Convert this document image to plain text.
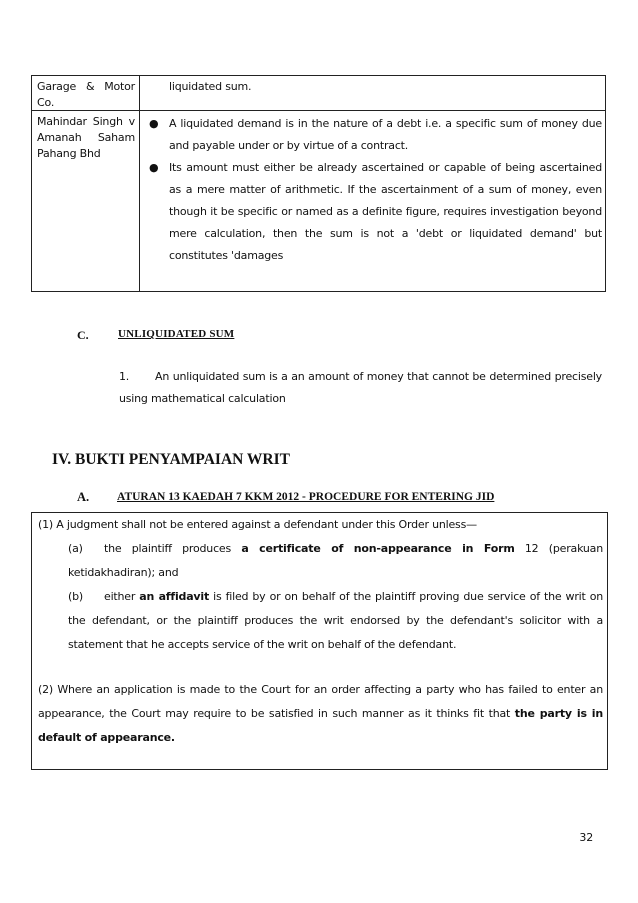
Garage & Motor Co.
liquidated sum.
Mahindar Singh v Amanah Saham Pahang Bhd
● A liquidated demand is in the nature of a debt i.e. a specific sum of money due and payable under or by virtue of a contract.
● Its amount must either be already ascertained or capable of being ascertained as a mere matter of arithmetic. If the ascertainment of a sum of money, even though it be specific or named as a definite figure, requires investigation beyond mere calculation, then the sum is not a 'debt or liquidated demand' but constitutes 'damages
C.	UNLIQUIDATED SUM
1. An unliquidated sum is a an amount of money that cannot be determined precisely using mathematical calculation
IV. BUKTI PENYAMPAIAN WRIT
A. ATURAN 13 KAEDAH 7 KKM 2012 - PROCEDURE FOR ENTERING JID
(1) A judgment shall not be entered against a defendant under this Order unless—
(a) the plaintiff produces a certificate of non-appearance in Form 12 (perakuan ketidakhadiran); and
(b) either an affidavit is filed by or on behalf of the plaintiff proving due service of the writ on the defendant, or the plaintiff produces the writ endorsed by the defendant's solicitor with a statement that he accepts service of the writ on behalf of the defendant.
(2) Where an application is made to the Court for an order affecting a party who has failed to enter an appearance, the Court may require to be satisfied in such manner as it thinks fit that the party is in default of appearance.
32
